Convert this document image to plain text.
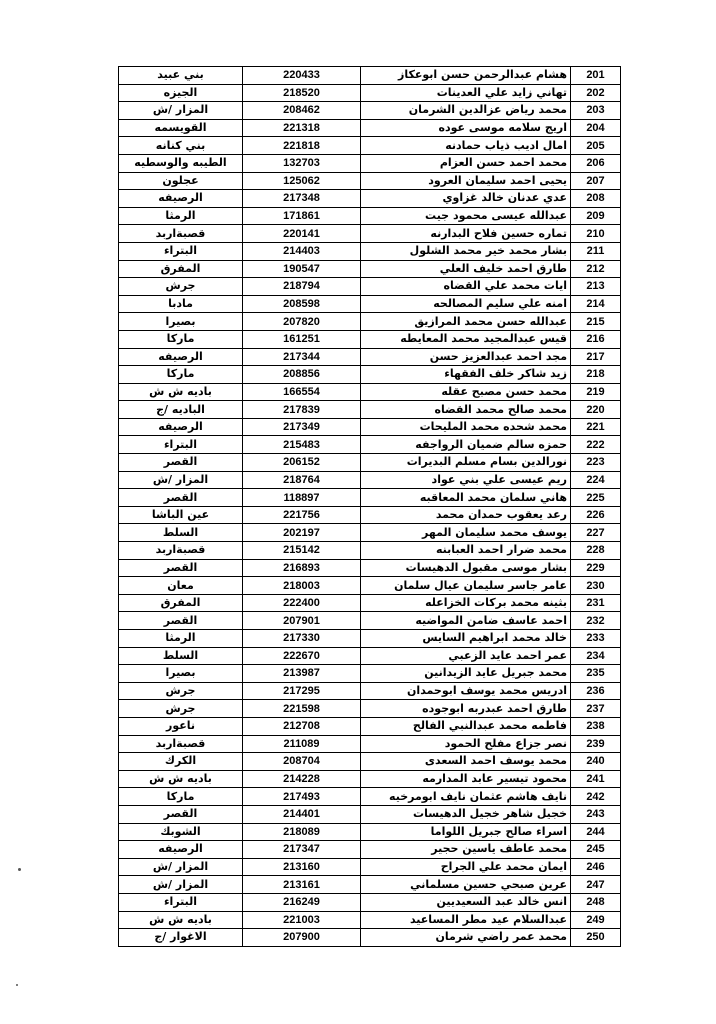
بني عبيد	220433	هشام عبدالرحمن حسن ابوعكاز	201
الجيزه	218520	تهاني زايد علي العدينات	202
المزار /ش	208462	محمد رياض عزالدين الشرمان	203
القويسمه	221318	اريج سلامه موسى عوده	204
بني كنانه	221818	امال اديب ذياب حمادنه	205
الطيبه والوسطيه	132703	محمد احمد حسن العزام	206
عجلون	125062	يحيى احمد سليمان العرود	207
الرصيفه	217348	عدي عدنان خالد غزاوي	208
الرمثا	171861	عبدالله عيسى محمود جيت	209
قصبةاربد	220141	تماره حسين فلاح البدارنه	210
البتراء	214403	بشار محمد خير محمد الشلول	211
المفرق	190547	طارق احمد خليف العلي	212
جرش	218794	ايات محمد علي القضاه	213
مادبا	208598	امنه علي سليم المصالحه	214
بصيرا	207820	عبدالله حسن محمد المرازيق	215
ماركا	161251	قيس عبدالمجيد محمد المعايطه	216
الرصيفه	217344	مجد احمد عبدالعزيز حسن	217
ماركا	208856	زيد شاكر خلف الفقهاء	218
باديه ش ش	166554	محمد حسن مصبح عقله	219
الباديه /ج	217839	محمد صالح محمد القضاه	220
الرصيفه	217349	محمد شحده محمد المليحات	221
البتراء	215483	حمزه سالم ضميان الرواجفه	222
القصر	206152	نورالدين بسام مسلم البديرات	223
المزار /ش	218764	ريم عيسى علي بني عواد	224
القصر	118897	هاني سلمان محمد المعاقبه	225
عين الباشا	221756	رعد يعقوب حمدان محمد	226
السلط	202197	يوسف محمد سليمان المهر	227
قصبةاربد	215142	محمد ضرار احمد العبابنه	228
القصر	216893	بشار موسى مقبول الدهيسات	229
معان	218003	عامر جاسر سليمان عيال سلمان	230
المفرق	222400	بثينه محمد بركات الخزاعله	231
القصر	207901	احمد عاسف ضامن المواضيه	232
الرمثا	217330	خالد محمد ابراهيم السايس	233
السلط	222670	عمر احمد عايد الزعبي	234
بصيرا	213987	محمد جبريل عايد الزيدانين	235
جرش	217295	ادريس محمد يوسف ابوحمدان	236
جرش	221598	طارق احمد عبدربه ابوجوده	237
ناعور	212708	فاطمه محمد عبدالنبي الفالح	238
قصبةاربد	211089	نصر جزاع مفلح الحمود	239
الكرك	208704	محمد يوسف احمد السعدى	240
باديه ش ش	214228	محمود تيسير عابد المدارمه	241
ماركا	217493	نايف هاشم عثمان نايف ابومرخيه	242
القصر	214401	خجيل شاهر خجيل الدهيسات	243
الشوبك	218089	اسراء صالح جبريل اللواما	244
الرصيفه	217347	محمد عاطف ياسين حجير	245
المزار /ش	213160	ايمان محمد علي الجراح	246
المزار /ش	213161	عرين صبحي حسين مسلماني	247
البتراء	216249	انس خالد عبد السعيديين	248
باديه ش ش	221003	عبدالسلام عيد مطر المساعيد	249
الاغوار /ج	207900	محمد عمر راضي شرمان	250
